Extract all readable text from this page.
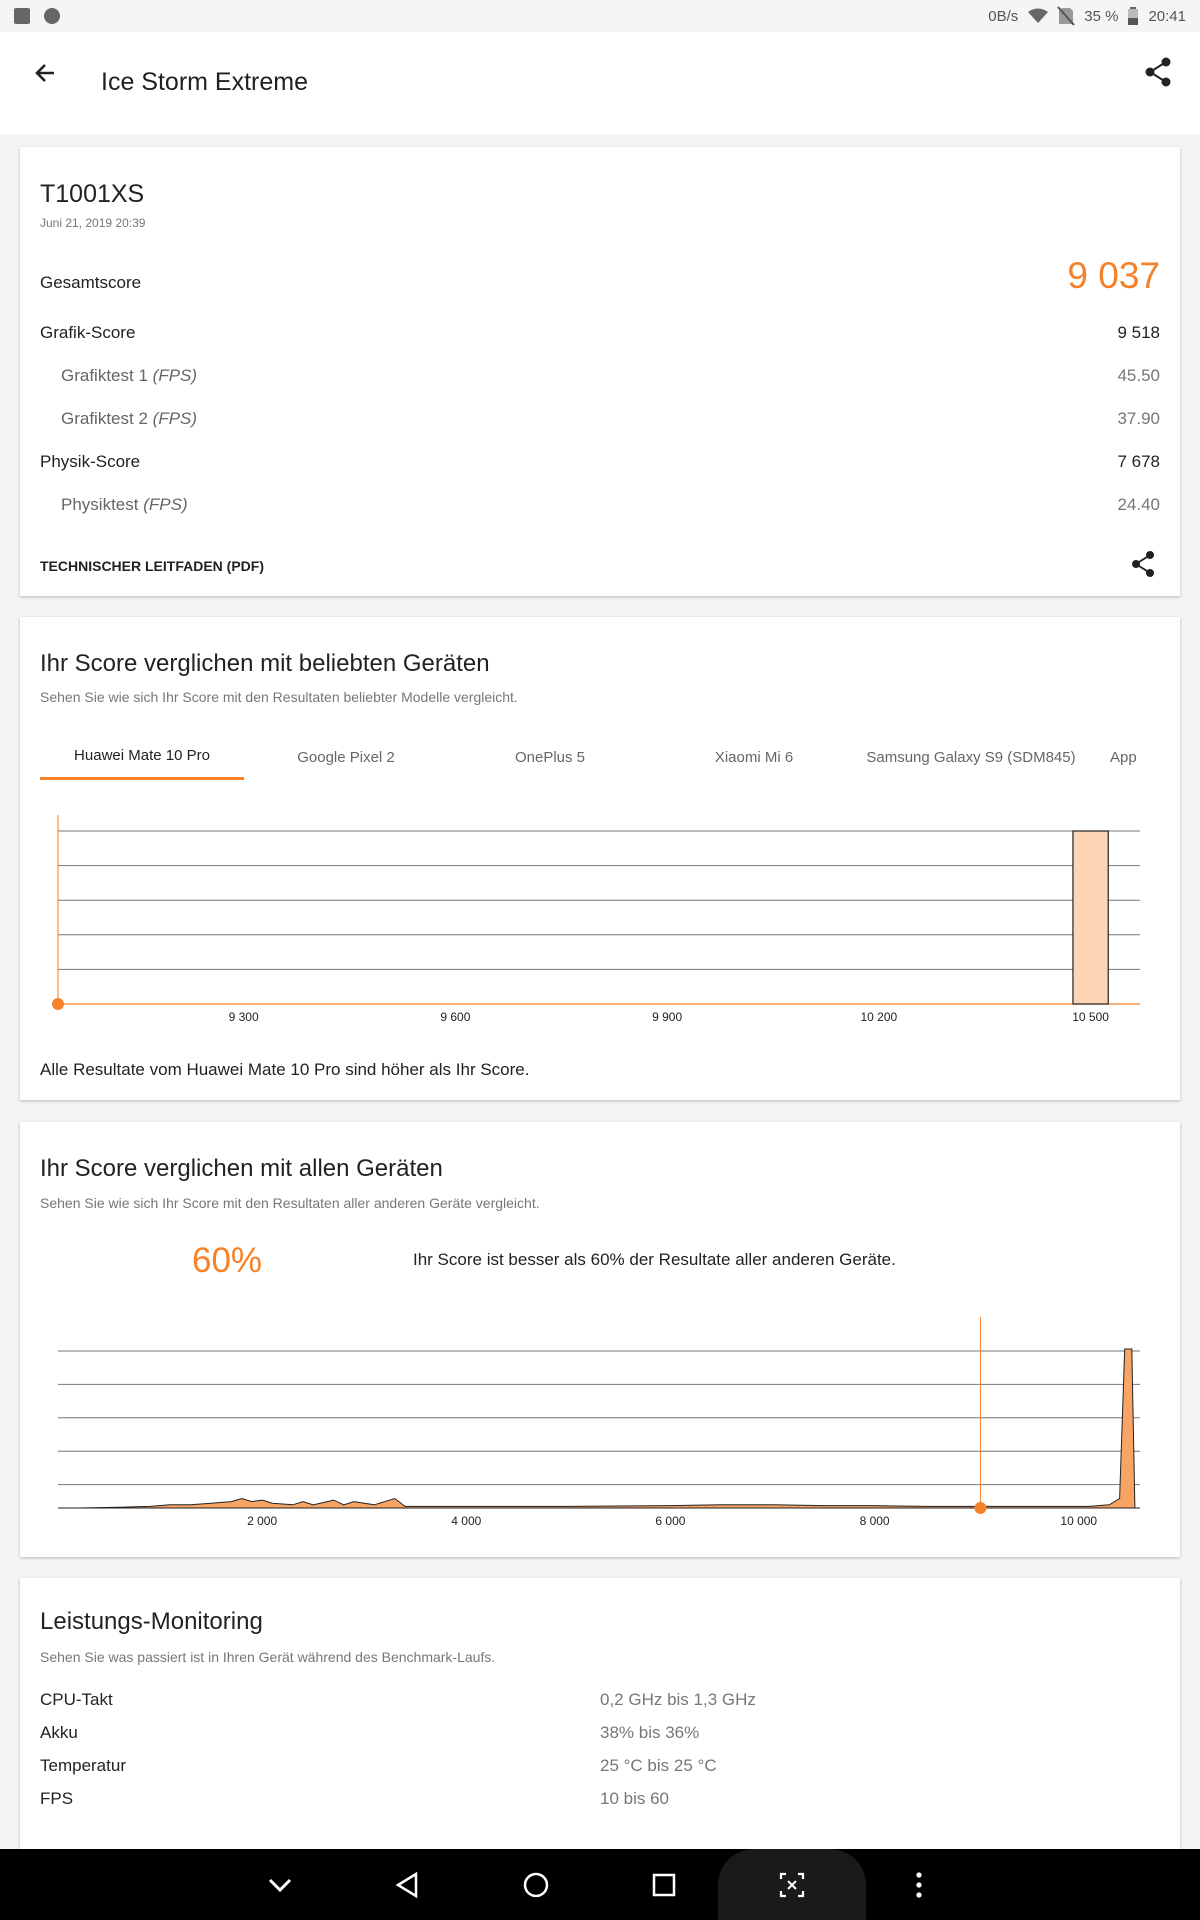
0B/s	35 % 20:41
Ice Storm Extreme
T1001XS
Juni 21, 2019 20:39
Gesamtscore	9 037
Grafik-Score	9 518
Grafiktest 1 (FPS)	45.50
Grafiktest 2 (FPS)	37.90
Physik-Score	7 678
Physiktest (FPS)	24.40
TECHNISCHER LEITFADEN (PDF)
Ihr Score verglichen mit beliebten Geräten
Sehen Sie wie sich Ihr Score mit den Resultaten beliebter Modelle vergleicht.
Huawei Mate 10 Pro	Google Pixel 2	OnePlus 5	Xiaomi Mi 6	Samsung Galaxy S9 (SDM845)	App
9 300	9 600	9 900	10 200	10 500
Alle Resultate vom Huawei Mate 10 Pro sind höher als Ihr Score.
Ihr Score verglichen mit allen Geräten
Sehen Sie wie sich Ihr Score mit den Resultaten aller anderen Geräte vergleicht.
60%	Ihr Score ist besser als 60% der Resultate aller anderen Geräte.
2 000	4 000	6 000	8 000	10 000
Leistungs-Monitoring
Sehen Sie was passiert ist in Ihren Gerät während des Benchmark-Laufs.
CPU-Takt	0,2 GHz bis 1,3 GHz
Akku	38% bis 36%
Temperatur	25 °C bis 25 °C
FPS	10 bis 60
